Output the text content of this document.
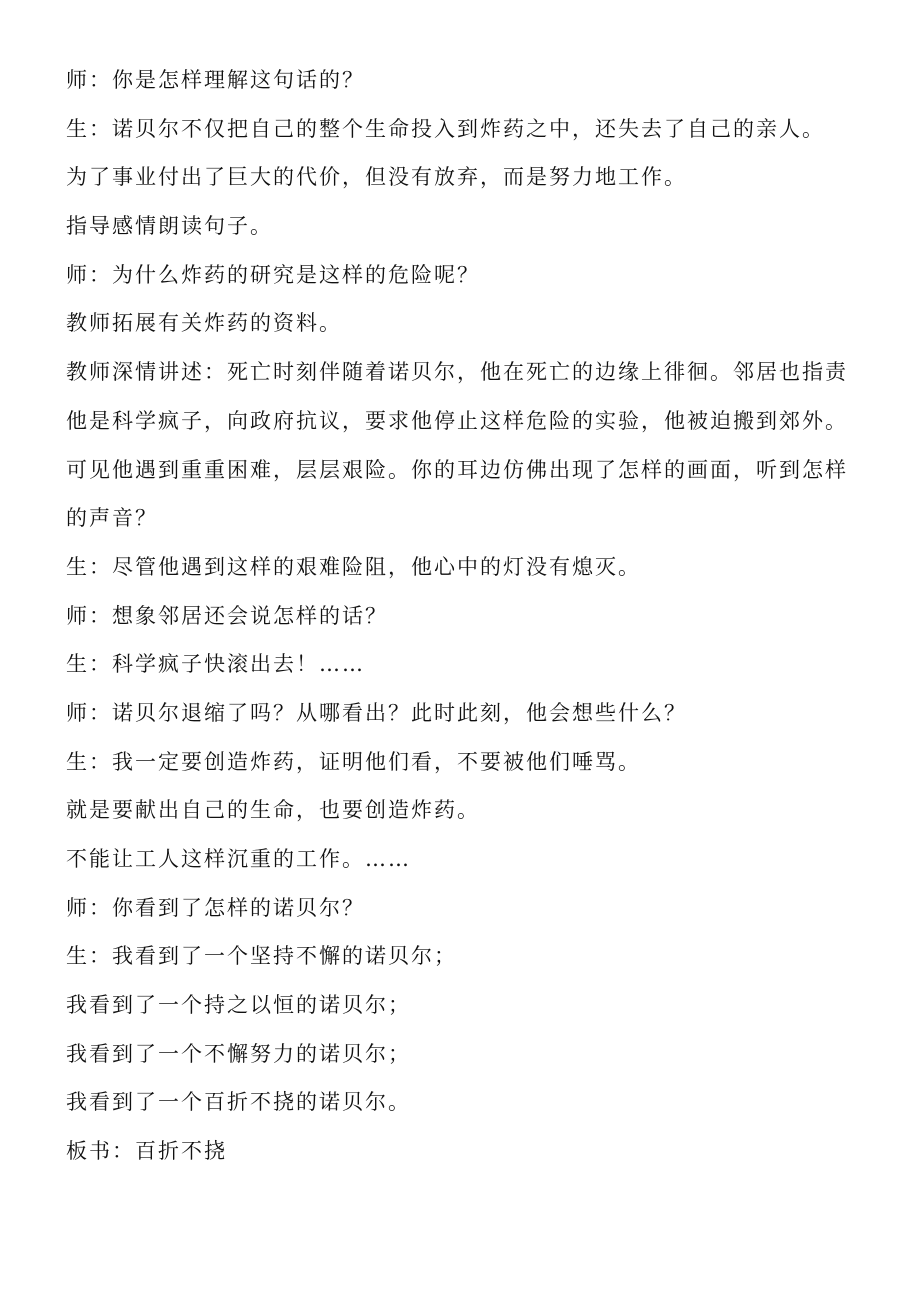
师：你是怎样理解这句话的？
生：诺贝尔不仅把自己的整个生命投入到炸药之中，还失去了自己的亲人。
为了事业付出了巨大的代价，但没有放弃，而是努力地工作。
指导感情朗读句子。
师：为什么炸药的研究是这样的危险呢？
教师拓展有关炸药的资料。
教师深情讲述：死亡时刻伴随着诺贝尔，他在死亡的边缘上徘徊。邻居也指责
他是科学疯子，向政府抗议，要求他停止这样危险的实验，他被迫搬到郊外。
可见他遇到重重困难，层层艰险。你的耳边仿佛出现了怎样的画面，听到怎样
的声音？
生：尽管他遇到这样的艰难险阻，他心中的灯没有熄灭。
师：想象邻居还会说怎样的话？
生：科学疯子快滚出去！……
师：诺贝尔退缩了吗？从哪看出？此时此刻，他会想些什么？
生：我一定要创造炸药，证明他们看，不要被他们唾骂。
就是要献出自己的生命，也要创造炸药。
不能让工人这样沉重的工作。……
师：你看到了怎样的诺贝尔？
生：我看到了一个坚持不懈的诺贝尔；
我看到了一个持之以恒的诺贝尔；
我看到了一个不懈努力的诺贝尔；
我看到了一个百折不挠的诺贝尔。
板书：百折不挠
